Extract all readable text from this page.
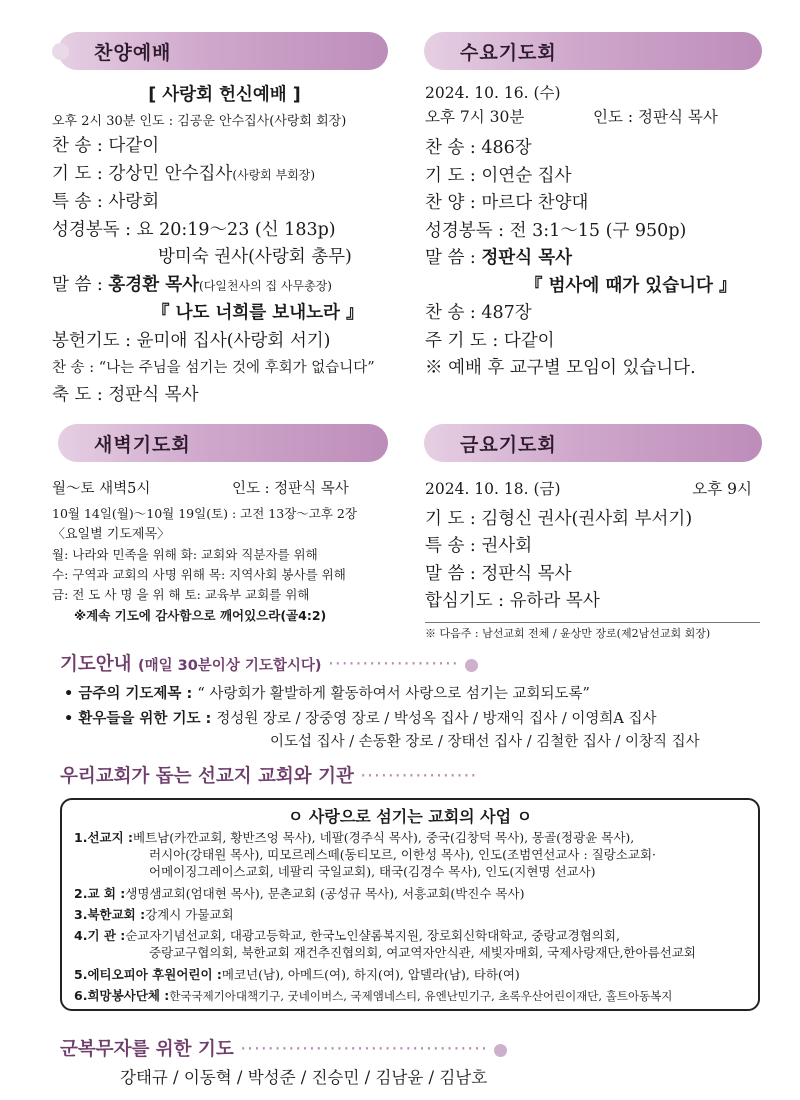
찬양예배	수요기도회
새벽기도회	금요기도회
[ 사랑회 헌신예배 ]
오후 2시 30분 인도 : 김공운 안수집사(사랑회 회장)
찬 송 : 다같이
기 도 : 강상민 안수집사(사랑회 부회장)
특 송 : 사랑회
성경봉독 : 요 20:19～23 (신 183p)
방미숙 권사(사랑회 총무)
말 씀 : 홍경환 목사(다일천사의 집 사무총장)
『 나도 너희를 보내노라 』
봉헌기도 : 윤미애 집사(사랑회 서기)
찬 송 : “나는 주님을 섬기는 것에 후회가 없습니다”
축 도 : 정판식 목사
2024. 10. 16. (수)
오후 7시 30분	인도 : 정판식 목사
찬 송 : 486장
기 도 : 이연순 집사
찬 양 : 마르다 찬양대
성경봉독 : 전 3:1～15 (구 950p)
말 씀 : 정판식 목사
『 범사에 때가 있습니다 』
찬 송 : 487장
주 기 도 : 다같이
※ 예배 후 교구별 모임이 있습니다.
월～토 새벽5시	인도 : 정판식 목사
10월 14일(월)～10월 19일(토) : 고전 13장～고후 2장
〈요일별 기도제목〉
월: 나라와 민족을 위해 화: 교회와 직분자를 위해
수: 구역과 교회의 사명 위해 목: 지역사회 봉사를 위해
금: 전 도 사 명 을 위 해 토: 교육부 교회를 위해
※계속 기도에 감사함으로 깨어있으라(골4:2)
2024. 10. 18. (금)	오후 9시
기 도 : 김형신 권사(권사회 부서기)
특 송 : 권사회
말 씀 : 정판식 목사
합심기도 : 유하라 목사
※ 다음주 : 남선교회 전체 / 윤상만 장로(제2남선교회 회장)
기도안내 (매일 30분이상 기도합시다) ···················
• 금주의 기도제목 : “ 사랑회가 활발하게 활동하여서 사랑으로 섬기는 교회되도록”
• 환우들을 위한 기도 : 정성원 장로 / 장중영 장로 / 박성옥 집사 / 방재익 집사 / 이영희A 집사
이도섭 집사 / 손동환 장로 / 장태선 집사 / 김철한 집사 / 이창직 집사
우리교회가 돕는 선교지 교회와 기관 ·················
ㅇ 사랑으로 섬기는 교회의 사업 ㅇ
1.선교지 :베트남(카깐교회, 황반즈엉 목사), 네팔(경주식 목사), 중국(김창덕 목사), 몽골(정광윤 목사),
러시아(강태원 목사), 띠모르레스떼(동티모르, 이한성 목사), 인도(조범연선교사 : 질랑소교회·
어메이징그레이스교회, 네팔리 국일교회), 태국(김경수 목사), 인도(지현명 선교사)
2.교 회 :생명샘교회(엄대현 목사), 문촌교회 (공성규 목사), 서흥교회(박진수 목사)
3.북한교회 :강계시 가물교회
4.기 관 :순교자기념선교회, 대광고등학교, 한국노인샬롬복지원, 장로회신학대학교, 중랑교경협의회,
중랑교구협의회, 북한교회 재건추진협의회, 여교역자안식관, 세빛자매회, 국제사랑재단,한아름선교회
5.에티오피아 후원어린이 :메코넌(남), 아메드(여), 하지(여), 압델라(남), 타하(여)
6.희망봉사단체 :한국국제기아대책기구, 굿네이버스, 국제앰네스티, 유엔난민기구, 초록우산어린이재단, 홀트아동복지
군복무자를 위한 기도 ····································
강태규 / 이동혁 / 박성준 / 진승민 / 김남윤 / 김남호
